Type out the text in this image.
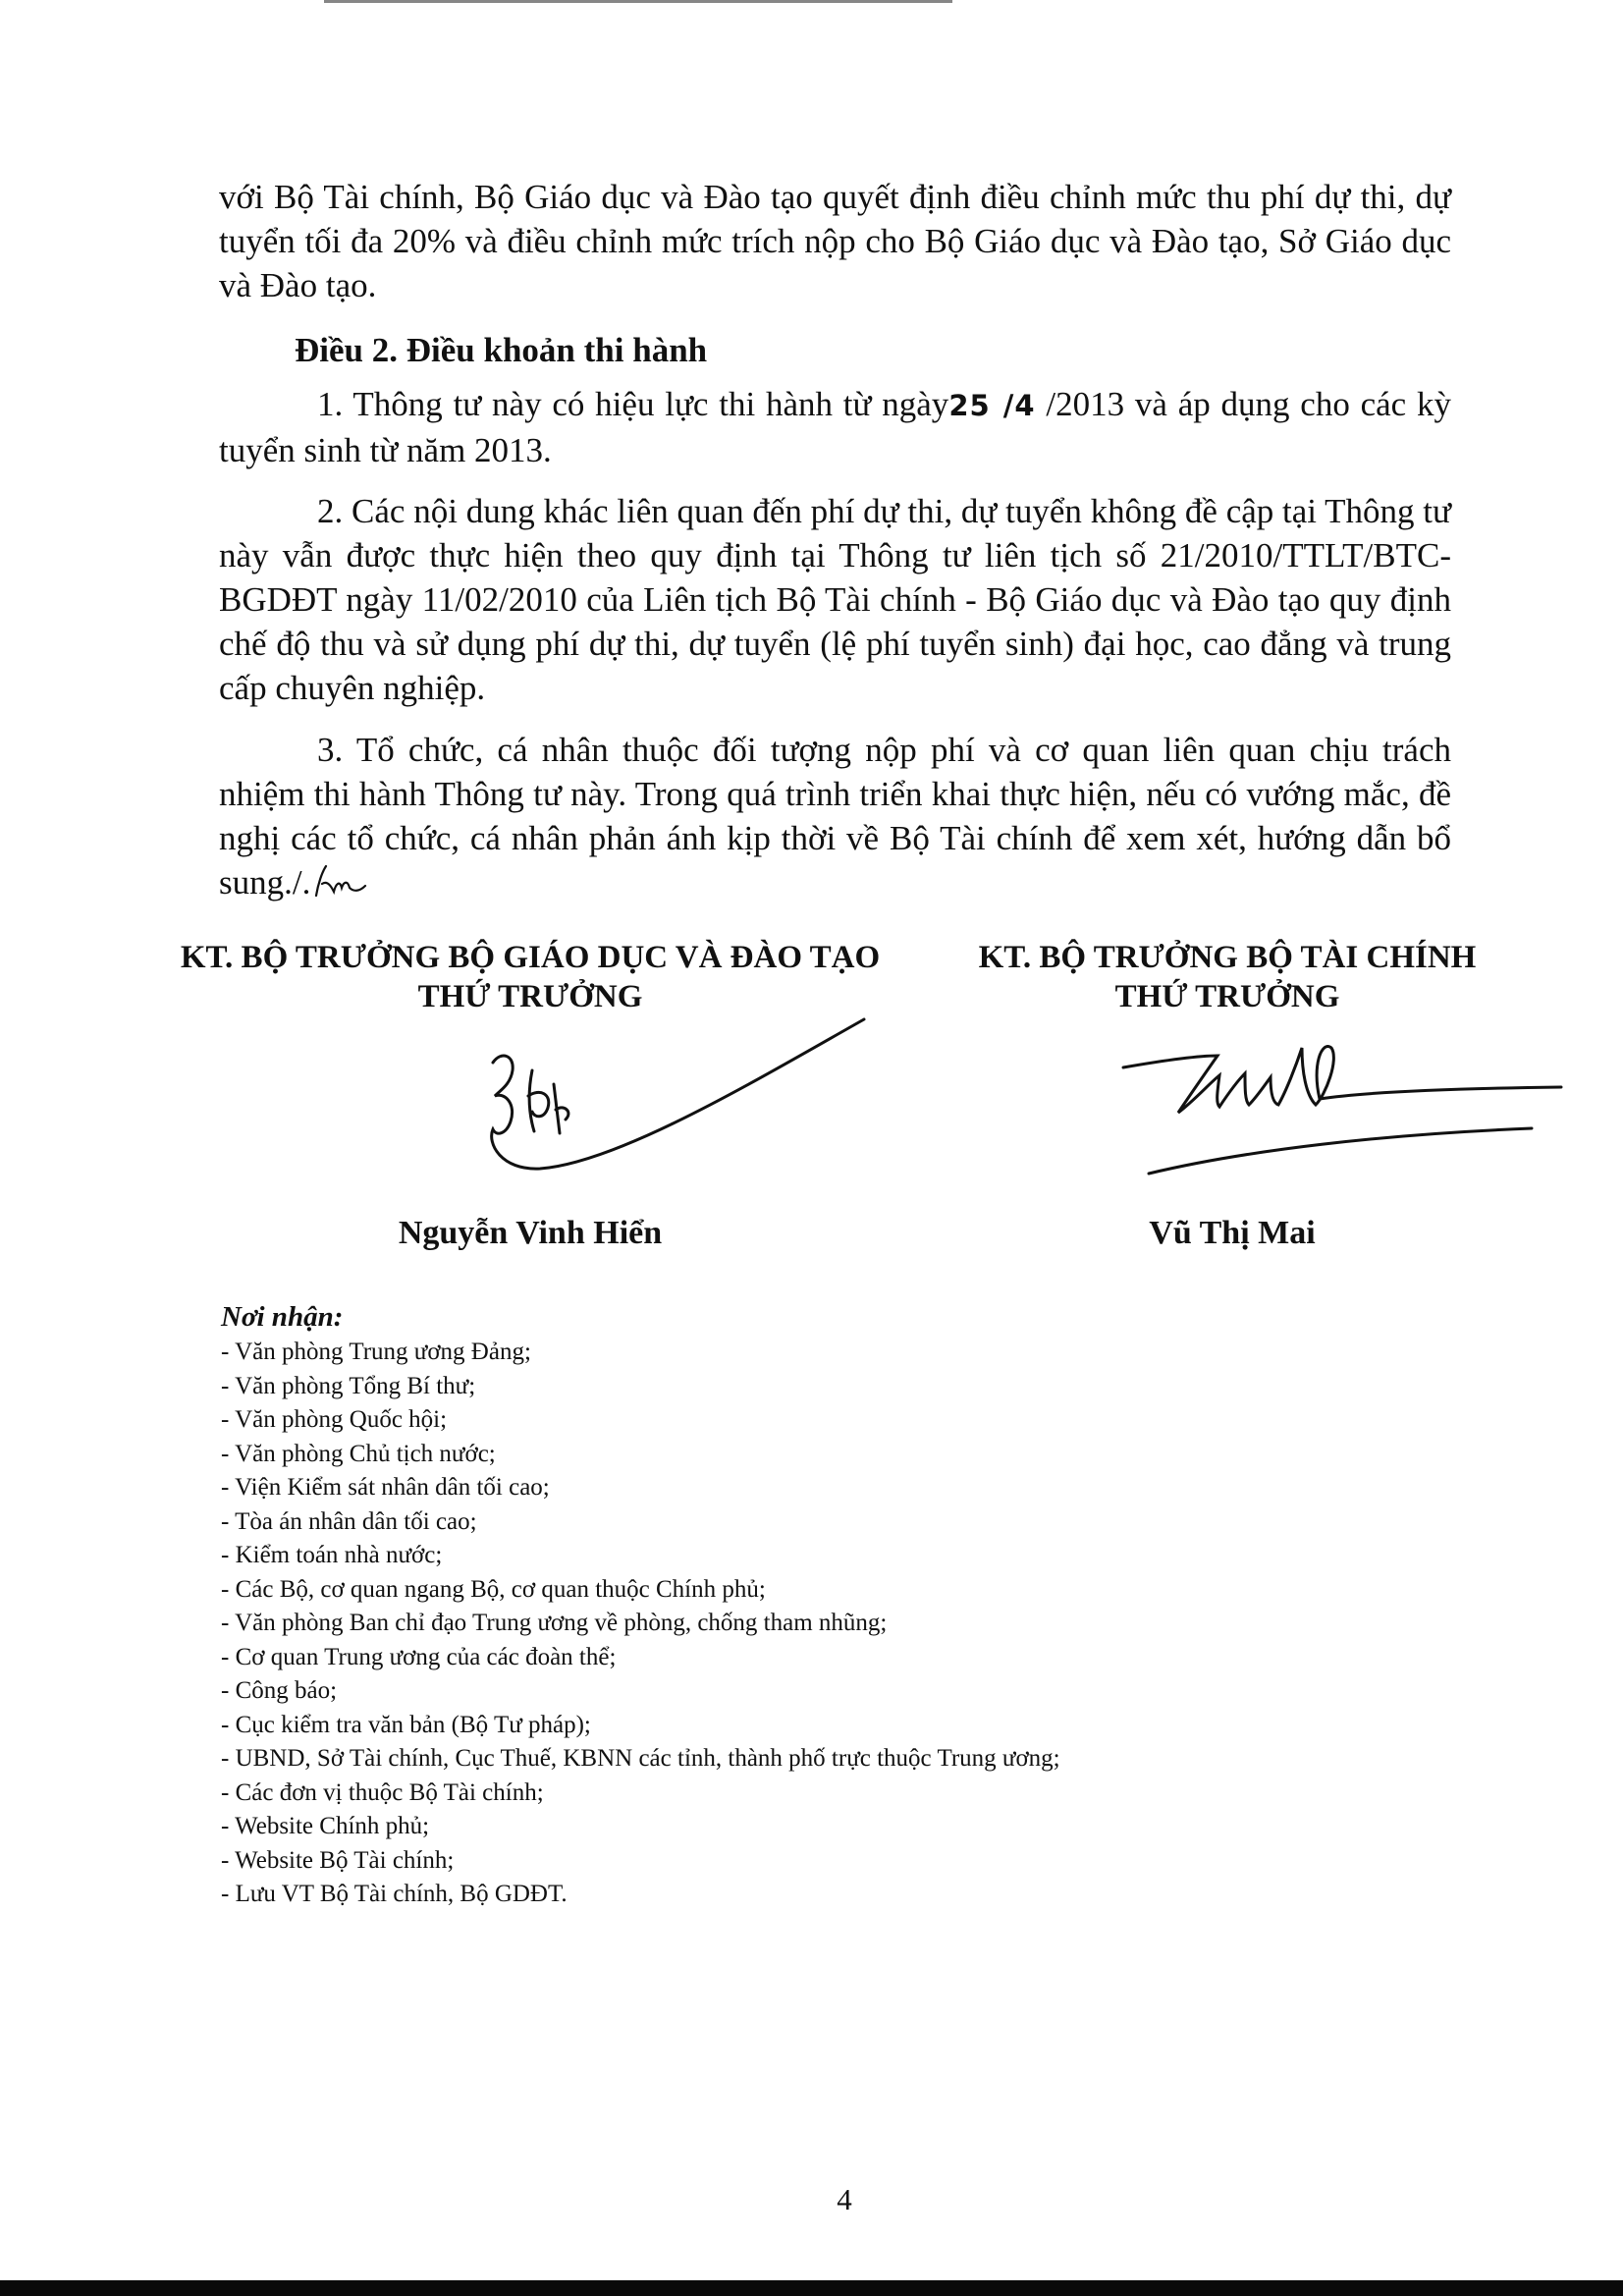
với Bộ Tài chính, Bộ Giáo dục và Đào tạo quyết định điều chỉnh mức thu phí dự thi, dự tuyển tối đa 20% và điều chỉnh mức trích nộp cho Bộ Giáo dục và Đào tạo, Sở Giáo dục và Đào tạo.

Điều 2. Điều khoản thi hành

1. Thông tư này có hiệu lực thi hành từ ngày25 /4 /2013 và áp dụng cho các kỳ tuyển sinh từ năm 2013.

2. Các nội dung khác liên quan đến phí dự thi, dự tuyển không đề cập tại Thông tư này vẫn được thực hiện theo quy định tại Thông tư liên tịch số 21/2010/TTLT/BTC-BGDĐT ngày 11/02/2010 của Liên tịch Bộ Tài chính - Bộ Giáo dục và Đào tạo quy định chế độ thu và sử dụng phí dự thi, dự tuyển (lệ phí tuyển sinh) đại học, cao đẳng và trung cấp chuyên nghiệp.

3. Tổ chức, cá nhân thuộc đối tượng nộp phí và cơ quan liên quan chịu trách nhiệm thi hành Thông tư này. Trong quá trình triển khai thực hiện, nếu có vướng mắc, đề nghị các tổ chức, cá nhân phản ánh kịp thời về Bộ Tài chính để xem xét, hướng dẫn bổ sung./.

KT. BỘ TRƯỞNG BỘ GIÁO DỤC VÀ ĐÀO TẠO
THỨ TRƯỞNG

Nguyễn Vinh Hiển

KT. BỘ TRƯỞNG BỘ TÀI CHÍNH
THỨ TRƯỞNG

Vũ Thị Mai

Nơi nhận:
- Văn phòng Trung ương Đảng;
- Văn phòng Tổng Bí thư;
- Văn phòng Quốc hội;
- Văn phòng Chủ tịch nước;
- Viện Kiểm sát nhân dân tối cao;
- Tòa án nhân dân tối cao;
- Kiểm toán nhà nước;
- Các Bộ, cơ quan ngang Bộ, cơ quan thuộc Chính phủ;
- Văn phòng Ban chỉ đạo Trung ương về phòng, chống tham nhũng;
- Cơ quan Trung ương của các đoàn thể;
- Công báo;
- Cục kiểm tra văn bản (Bộ Tư pháp);
- UBND, Sở Tài chính, Cục Thuế, KBNN các tỉnh, thành phố trực thuộc Trung ương;
- Các đơn vị thuộc Bộ Tài chính;
- Website Chính phủ;
- Website Bộ Tài chính;
- Lưu VT Bộ Tài chính, Bộ GDĐT.

4
